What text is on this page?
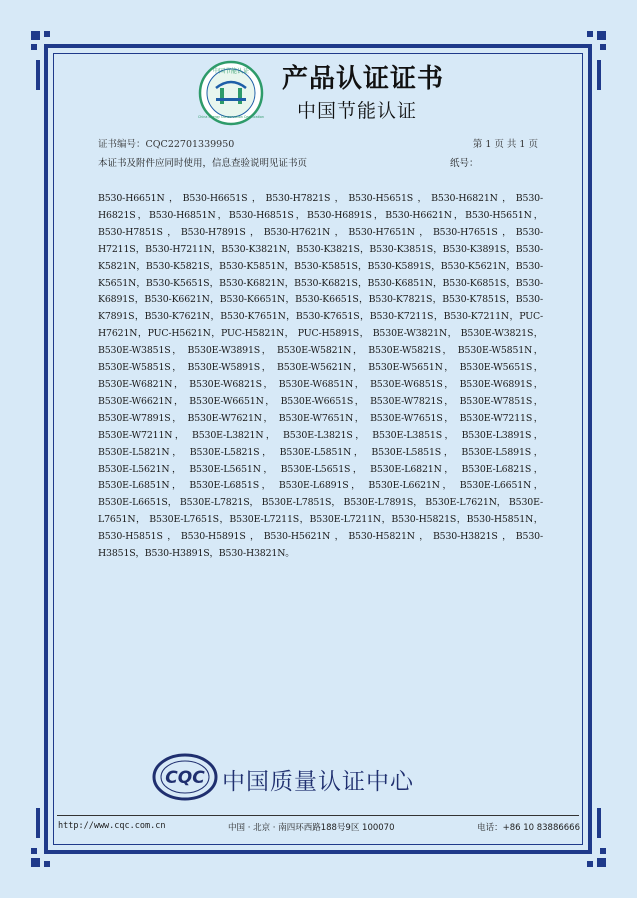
中国节能认证
China Energy Conservation Certification
产品认证证书
中国节能认证
证书编号：CQC22701339950	第 1 页 共 1 页
本证书及附件应同时使用，信息查验说明见证书页	纸号：
B530-H6651N，B530-H6651S，B530-H7821S，B530-H5651S，B530-H6821N，B530-H6821S，B530-H6851N，B530-H6851S，B530-H6891S，B530-H6621N，B530-H5651N，B530-H7851S，B530-H7891S，B530-H7621N，B530-H7651N，B530-H7651S，B530-H7211S，B530-H7211N，B530-K3821N，B530-K3821S，B530-K3851S，B530-K3891S，B530-K5821N，B530-K5821S，B530-K5851N，B530-K5851S，B530-K5891S，B530-K5621N，B530-K5651N，B530-K5651S，B530-K6821N，B530-K6821S，B530-K6851N，B530-K6851S，B530-K6891S，B530-K6621N，B530-K6651N，B530-K6651S，B530-K7821S，B530-K7851S，B530-K7891S，B530-K7621N，B530-K7651N，B530-K7651S，B530-K7211S，B530-K7211N，PUC-H7621N，PUC-H5621N，PUC-H5821N， PUC-H5891S， B530E-W3821N， B530E-W3821S， B530E-W3851S， B530E-W3891S， B530E-W5821N， B530E-W5821S， B530E-W5851N， B530E-W5851S， B530E-W5891S， B530E-W5621N， B530E-W5651N， B530E-W5651S， B530E-W6821N， B530E-W6821S， B530E-W6851N， B530E-W6851S， B530E-W6891S， B530E-W6621N， B530E-W6651N， B530E-W6651S， B530E-W7821S， B530E-W7851S， B530E-W7891S， B530E-W7621N， B530E-W7651N， B530E-W7651S， B530E-W7211S， B530E-W7211N， B530E-L3821N， B530E-L3821S， B530E-L3851S， B530E-L3891S， B530E-L5821N， B530E-L5821S， B530E-L5851N， B530E-L5851S， B530E-L5891S， B530E-L5621N， B530E-L5651N， B530E-L5651S， B530E-L6821N， B530E-L6821S， B530E-L6851N， B530E-L6851S， B530E-L6891S， B530E-L6621N， B530E-L6651N， B530E-L6651S， B530E-L7821S， B530E-L7851S， B530E-L7891S， B530E-L7621N， B530E-L7651N， B530E-L7651S，B530E-L7211S，B530E-L7211N，B530-H5821S，B530-H5851N，B530-H5851S，B530-H5891S，B530-H5621N，B530-H5821N，B530-H3821S，B530-H3851S，B530-H3891S，B530-H3821N。
CQC 中国质量认证中心
http://www.cqc.com.cn	中国 · 北京 · 南四环西路188号9区 100070	电话：+86 10 83886666
